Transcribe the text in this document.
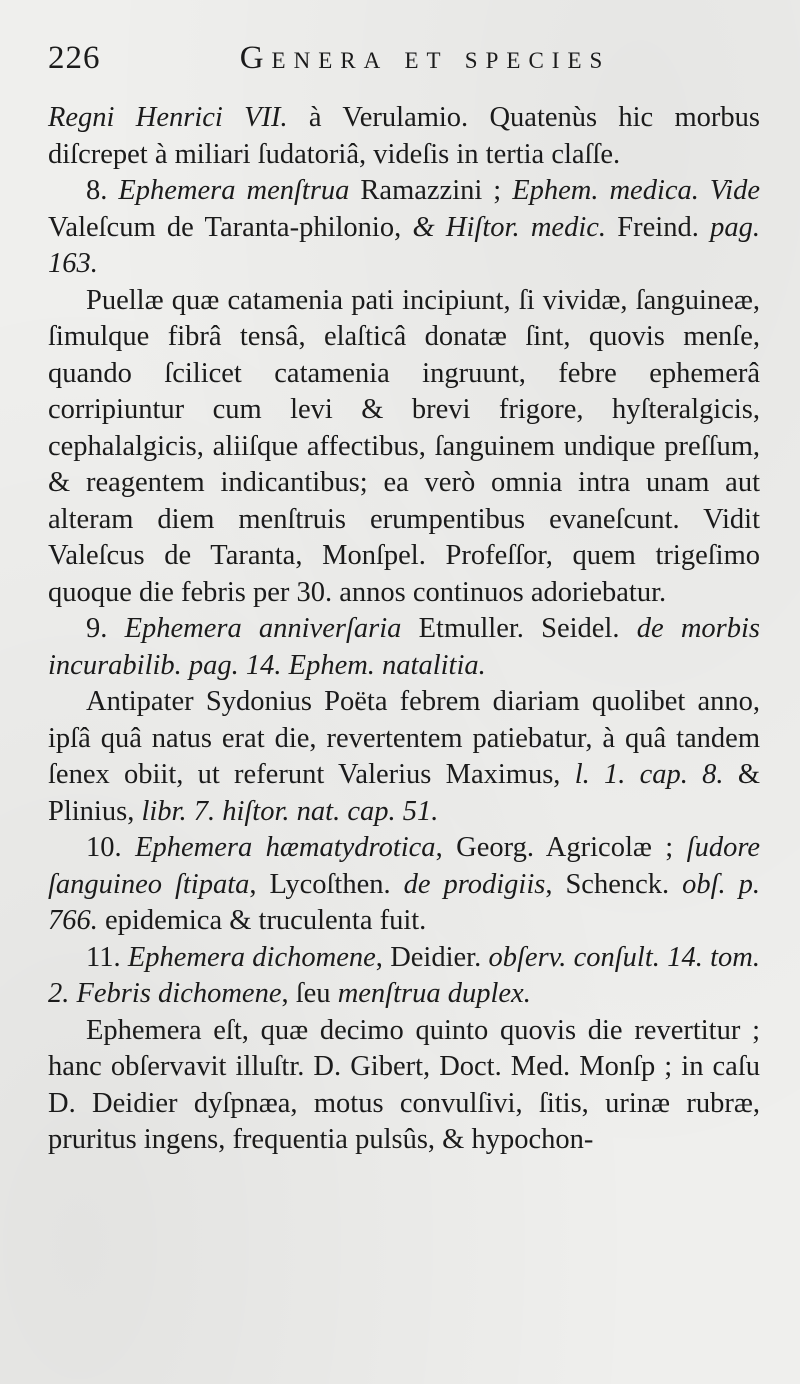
226	Genera et species

Regni Henrici VII. à Verulamio. Quatenùs hic morbus diſcrepet à miliari ſudatoriâ, videſis in tertia claſſe.

8. Ephemera menſtrua Ramazzini ; Ephem. medica. Vide Valeſcum de Taranta-philonio, & Hiſtor. medic. Freind. pag. 163.

Puellæ quæ catamenia pati incipiunt, ſi vividæ, ſanguineæ, ſimulque fibrâ tensâ, elaſticâ donatæ ſint, quovis menſe, quando ſcilicet catamenia ingruunt, febre ephemerâ corripiuntur cum levi & brevi frigore, hyſteralgicis, cephalalgicis, aliiſque affectibus, ſanguinem undique preſſum, & reagentem indicantibus; ea verò omnia intra unam aut alteram diem menſtruis erumpentibus evaneſcunt. Vidit Valeſcus de Taranta, Monſpel. Profeſſor, quem trigeſimo quoque die febris per 30. annos continuos adoriebatur.

9. Ephemera anniverſaria Etmuller. Seidel. de morbis incurabilib. pag. 14. Ephem. natalitia.

Antipater Sydonius Poëta febrem diariam quolibet anno, ipſâ quâ natus erat die, revertentem patiebatur, à quâ tandem ſenex obiit, ut referunt Valerius Maximus, l. 1. cap. 8. & Plinius, libr. 7. hiſtor. nat. cap. 51.

10. Ephemera hæmatydrotica, Georg. Agricolæ ; ſudore ſanguineo ſtipata, Lycoſthen. de prodigiis, Schenck. obſ. p. 766. epidemica & truculenta fuit.

11. Ephemera dichomene, Deidier. obſerv. conſult. 14. tom. 2. Febris dichomene, ſeu menſtrua duplex.

Ephemera eſt, quæ decimo quinto quovis die revertitur ; hanc obſervavit illuſtr. D. Gibert, Doct. Med. Monſp ; in caſu D. Deidier dyſpnæa, motus convulſivi, ſitis, urinæ rubræ, pruritus ingens, frequentia pulsûs, & hypochon-
